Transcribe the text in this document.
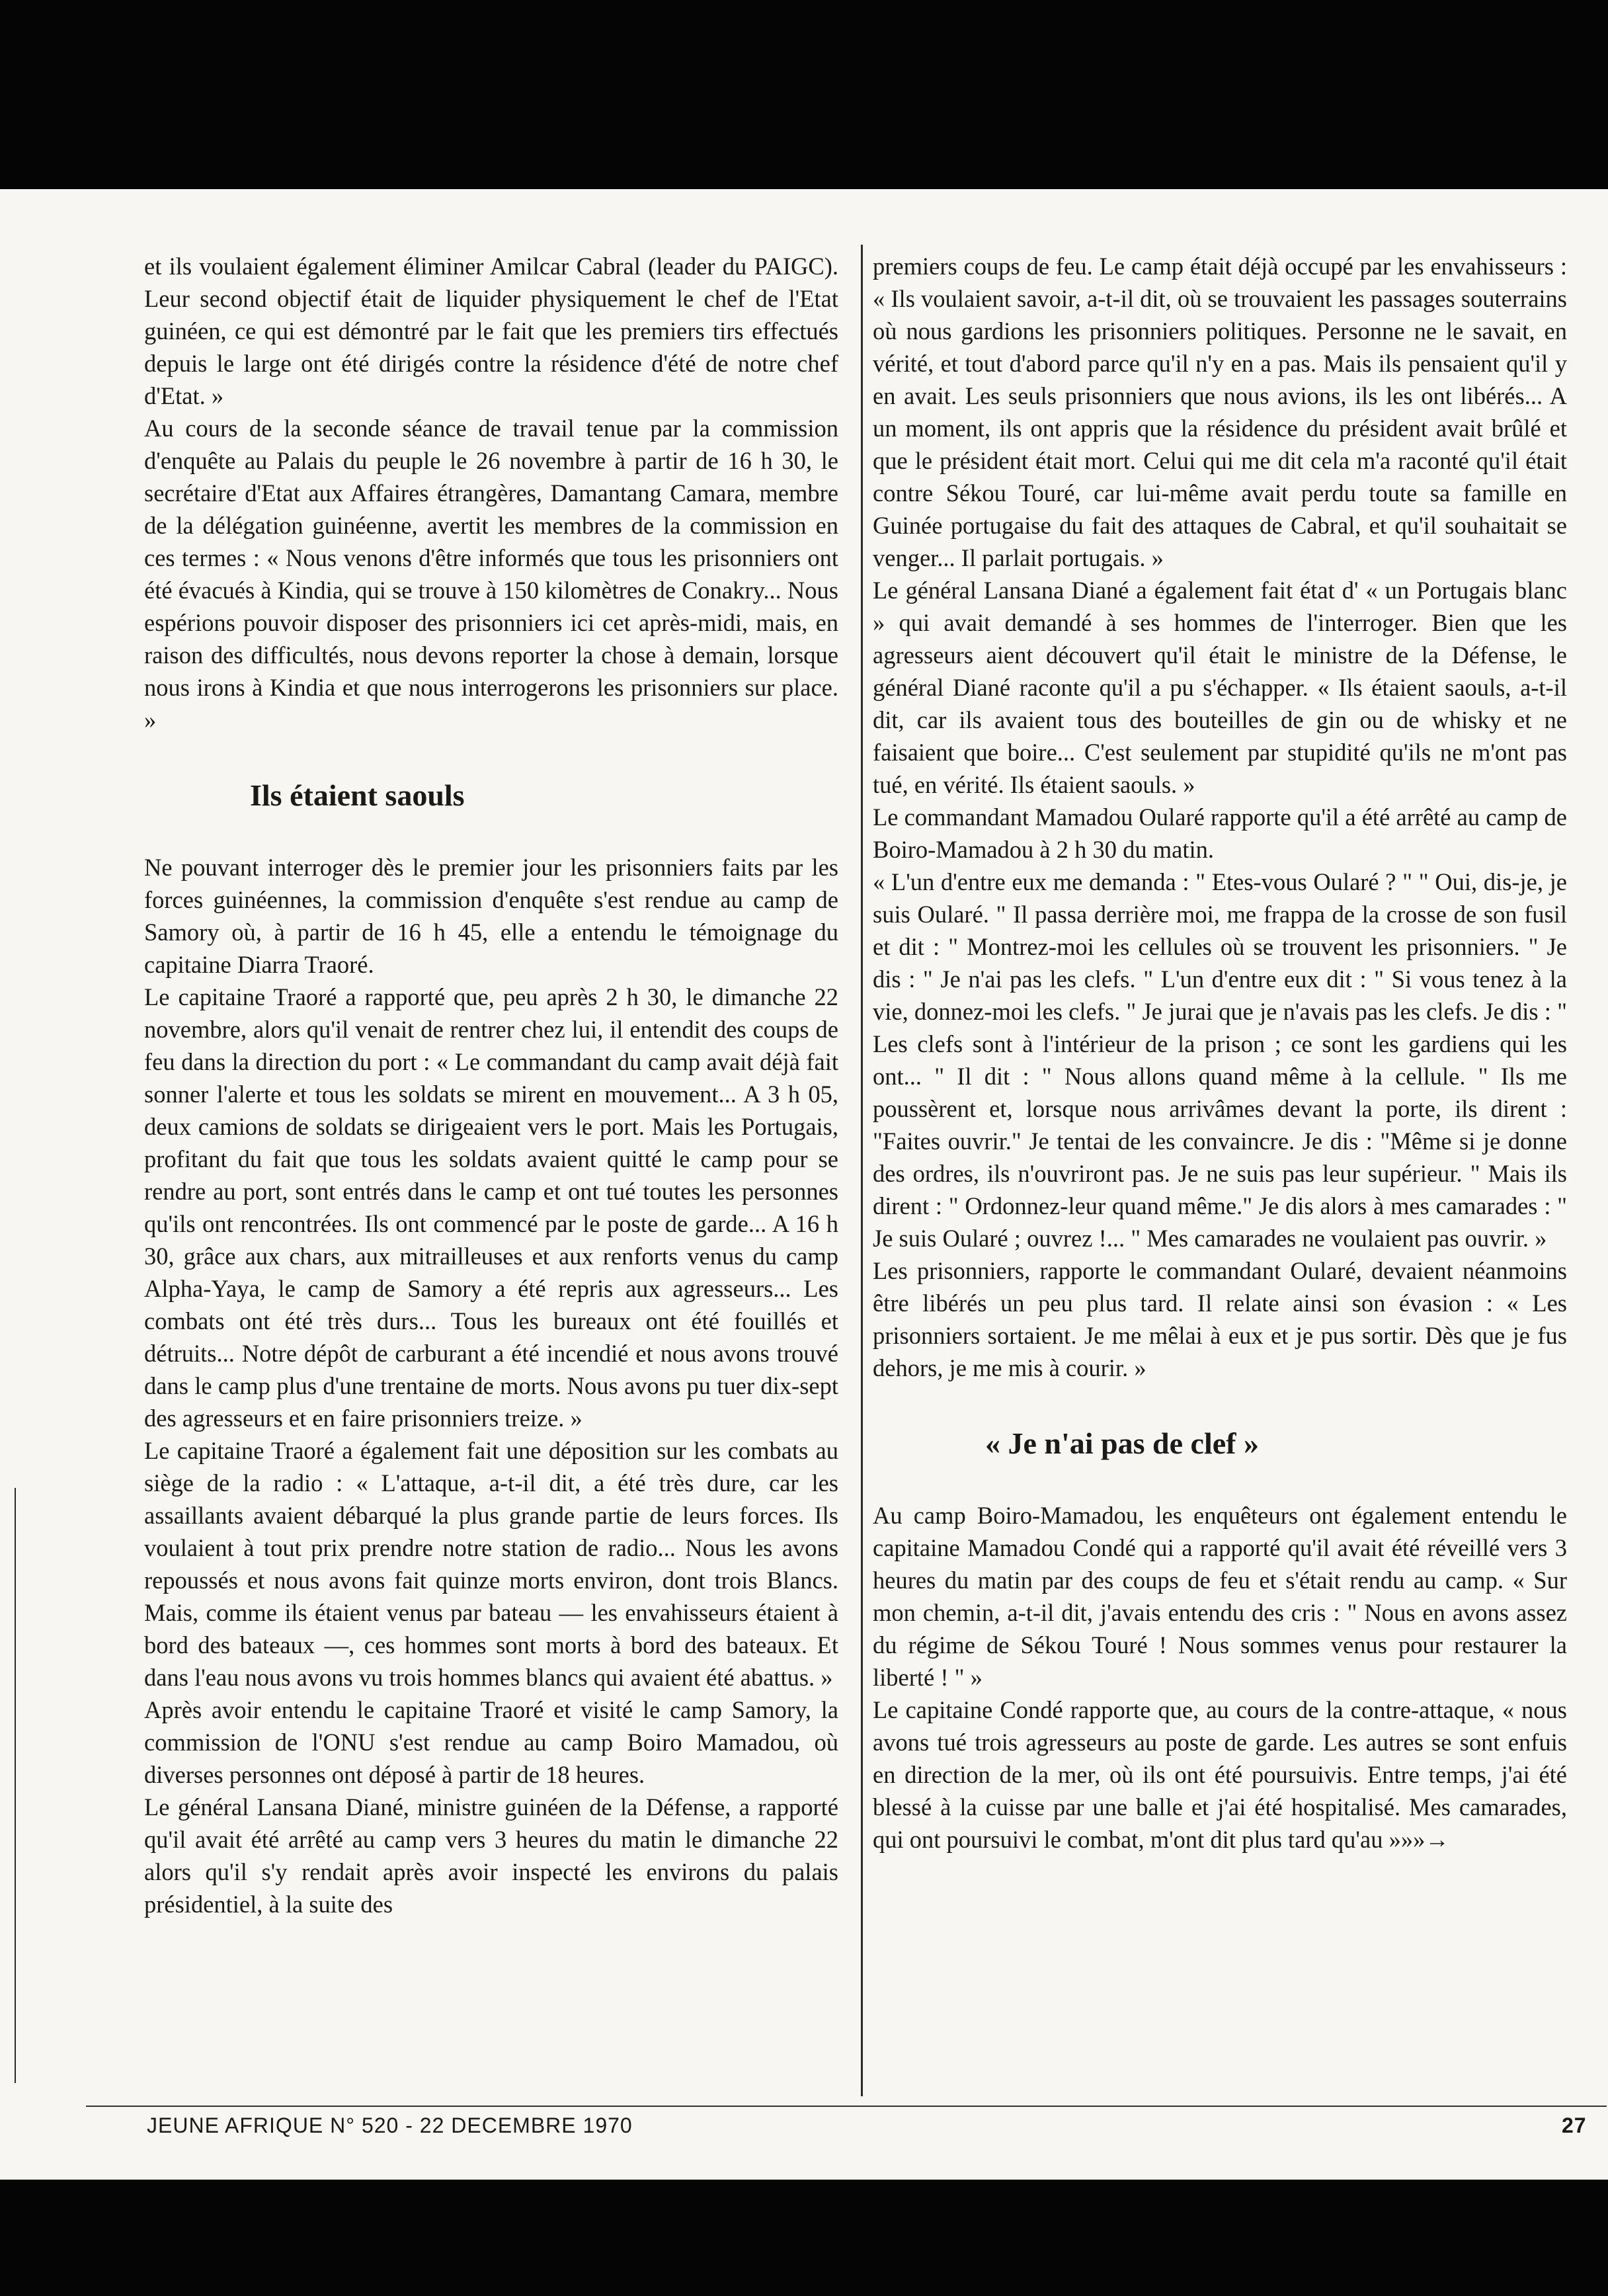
et ils voulaient également éliminer Amilcar Cabral (leader du PAIGC). Leur second objectif était de liquider physiquement le chef de l'Etat guinéen, ce qui est démontré par le fait que les premiers tirs effectués depuis le large ont été dirigés contre la résidence d'été de notre chef d'Etat. »

Au cours de la seconde séance de travail tenue par la commission d'enquête au Palais du peuple le 26 novembre à partir de 16 h 30, le secrétaire d'Etat aux Affaires étrangères, Damantang Camara, membre de la délégation guinéenne, avertit les membres de la commission en ces termes : « Nous venons d'être informés que tous les prisonniers ont été évacués à Kindia, qui se trouve à 150 kilomètres de Conakry... Nous espérions pouvoir disposer des prisonniers ici cet après-midi, mais, en raison des difficultés, nous devons reporter la chose à demain, lorsque nous irons à Kindia et que nous interrogerons les prisonniers sur place. »

Ils étaient saouls

Ne pouvant interroger dès le premier jour les prisonniers faits par les forces guinéennes, la commission d'enquête s'est rendue au camp de Samory où, à partir de 16 h 45, elle a entendu le témoignage du capitaine Diarra Traoré.

Le capitaine Traoré a rapporté que, peu après 2 h 30, le dimanche 22 novembre, alors qu'il venait de rentrer chez lui, il entendit des coups de feu dans la direction du port : « Le commandant du camp avait déjà fait sonner l'alerte et tous les soldats se mirent en mouvement... A 3 h 05, deux camions de soldats se dirigeaient vers le port. Mais les Portugais, profitant du fait que tous les soldats avaient quitté le camp pour se rendre au port, sont entrés dans le camp et ont tué toutes les personnes qu'ils ont rencontrées. Ils ont commencé par le poste de garde... A 16 h 30, grâce aux chars, aux mitrailleuses et aux renforts venus du camp Alpha-Yaya, le camp de Samory a été repris aux agresseurs... Les combats ont été très durs... Tous les bureaux ont été fouillés et détruits... Notre dépôt de carburant a été incendié et nous avons trouvé dans le camp plus d'une trentaine de morts. Nous avons pu tuer dix-sept des agresseurs et en faire prisonniers treize. »

Le capitaine Traoré a également fait une déposition sur les combats au siège de la radio : « L'attaque, a-t-il dit, a été très dure, car les assaillants avaient débarqué la plus grande partie de leurs forces. Ils voulaient à tout prix prendre notre station de radio... Nous les avons repoussés et nous avons fait quinze morts environ, dont trois Blancs. Mais, comme ils étaient venus par bateau — les envahisseurs étaient à bord des bateaux —, ces hommes sont morts à bord des bateaux. Et dans l'eau nous avons vu trois hommes blancs qui avaient été abattus. »

Après avoir entendu le capitaine Traoré et visité le camp Samory, la commission de l'ONU s'est rendue au camp Boiro Mamadou, où diverses personnes ont déposé à partir de 18 heures.

Le général Lansana Diané, ministre guinéen de la Défense, a rapporté qu'il avait été arrêté au camp vers 3 heures du matin le dimanche 22 alors qu'il s'y rendait après avoir inspecté les environs du palais présidentiel, à la suite des

premiers coups de feu. Le camp était déjà occupé par les envahisseurs : « Ils voulaient savoir, a-t-il dit, où se trouvaient les passages souterrains où nous gardions les prisonniers politiques. Personne ne le savait, en vérité, et tout d'abord parce qu'il n'y en a pas. Mais ils pensaient qu'il y en avait. Les seuls prisonniers que nous avions, ils les ont libérés... A un moment, ils ont appris que la résidence du président avait brûlé et que le président était mort. Celui qui me dit cela m'a raconté qu'il était contre Sékou Touré, car lui-même avait perdu toute sa famille en Guinée portugaise du fait des attaques de Cabral, et qu'il souhaitait se venger... Il parlait portugais. »

Le général Lansana Diané a également fait état d' « un Portugais blanc » qui avait demandé à ses hommes de l'interroger. Bien que les agresseurs aient découvert qu'il était le ministre de la Défense, le général Diané raconte qu'il a pu s'échapper. « Ils étaient saouls, a-t-il dit, car ils avaient tous des bouteilles de gin ou de whisky et ne faisaient que boire... C'est seulement par stupidité qu'ils ne m'ont pas tué, en vérité. Ils étaient saouls. »

Le commandant Mamadou Oularé rapporte qu'il a été arrêté au camp de Boiro-Mamadou à 2 h 30 du matin.

« L'un d'entre eux me demanda : " Etes-vous Oularé ? " " Oui, dis-je, je suis Oularé. " Il passa derrière moi, me frappa de la crosse de son fusil et dit : " Montrez-moi les cellules où se trouvent les prisonniers. " Je dis : " Je n'ai pas les clefs. " L'un d'entre eux dit : " Si vous tenez à la vie, donnez-moi les clefs. " Je jurai que je n'avais pas les clefs. Je dis : " Les clefs sont à l'intérieur de la prison ; ce sont les gardiens qui les ont... " Il dit : " Nous allons quand même à la cellule. " Ils me poussèrent et, lorsque nous arrivâmes devant la porte, ils dirent : "Faites ouvrir." Je tentai de les convaincre. Je dis : "Même si je donne des ordres, ils n'ouvriront pas. Je ne suis pas leur supérieur. " Mais ils dirent : " Ordonnez-leur quand même." Je dis alors à mes camarades : " Je suis Oularé ; ouvrez !... " Mes camarades ne voulaient pas ouvrir. »

Les prisonniers, rapporte le commandant Oularé, devaient néanmoins être libérés un peu plus tard. Il relate ainsi son évasion : « Les prisonniers sortaient. Je me mêlai à eux et je pus sortir. Dès que je fus dehors, je me mis à courir. »

« Je n'ai pas de clef »

Au camp Boiro-Mamadou, les enquêteurs ont également entendu le capitaine Mamadou Condé qui a rapporté qu'il avait été réveillé vers 3 heures du matin par des coups de feu et s'était rendu au camp. « Sur mon chemin, a-t-il dit, j'avais entendu des cris : " Nous en avons assez du régime de Sékou Touré ! Nous sommes venus pour restaurer la liberté ! " »

Le capitaine Condé rapporte que, au cours de la contre-attaque, « nous avons tué trois agresseurs au poste de garde. Les autres se sont enfuis en direction de la mer, où ils ont été poursuivis. Entre temps, j'ai été blessé à la cuisse par une balle et j'ai été hospitalisé. Mes camarades, qui ont poursuivi le combat, m'ont dit plus tard qu'au »»»→

JEUNE AFRIQUE N° 520 - 22 DECEMBRE 1970	27
